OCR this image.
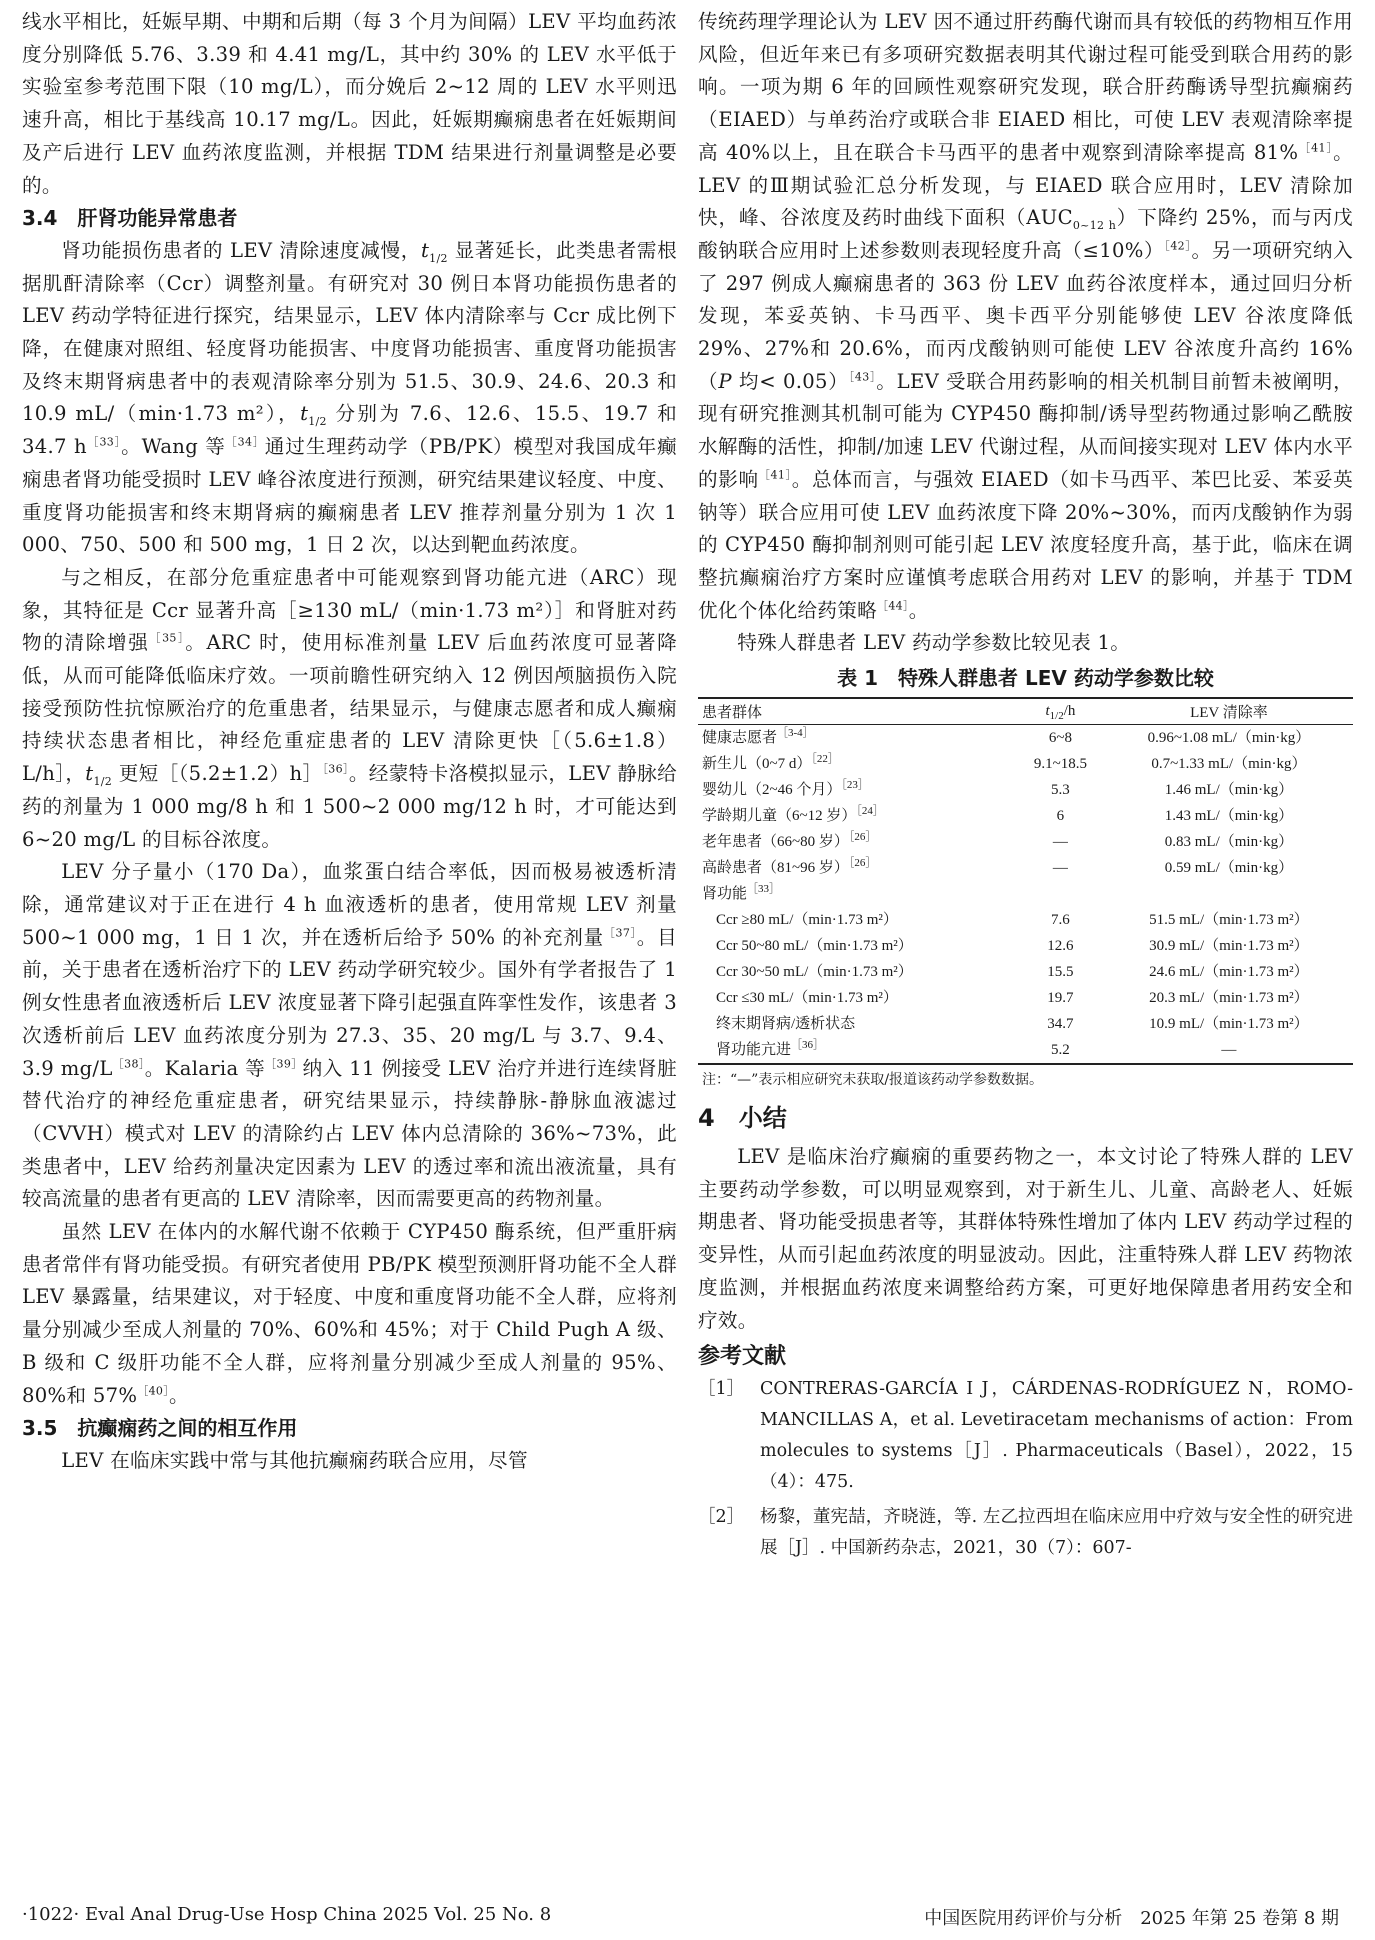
线水平相比，妊娠早期、中期和后期（每 3 个月为间隔）LEV 平均血药浓度分别降低 5.76、3.39 和 4.41 mg/L，其中约 30% 的 LEV 水平低于实验室参考范围下限（10 mg/L），而分娩后 2~12 周的 LEV 水平则迅速升高，相比于基线高 10.17 mg/L。因此，妊娠期癫痫患者在妊娠期间及产后进行 LEV 血药浓度监测，并根据 TDM 结果进行剂量调整是必要的。

3.4　肝肾功能异常患者

肾功能损伤患者的 LEV 清除速度减慢，$t_{1/2}$ 显著延长，此类患者需根据肌酐清除率（Ccr）调整剂量。有研究对 30 例日本肾功能损伤患者的 LEV 药动学特征进行探究，结果显示，LEV 体内清除率与 Ccr 成比例下降，在健康对照组、轻度肾功能损害、中度肾功能损害、重度肾功能损害及终末期肾病患者中的表观清除率分别为 51.5、30.9、24.6、20.3 和 10.9 mL/（min·1.73 m²），$t_{1/2}$ 分别为 7.6、12.6、15.5、19.7 和 34.7 $h^{[33]}$。Wang 等$^{[34]}$通过生理药动学（PB/PK）模型对我国成年癫痫患者肾功能受损时 LEV 峰谷浓度进行预测，研究结果建议轻度、中度、重度肾功能损害和终末期肾病的癫痫患者 LEV 推荐剂量分别为 1 次 1 000、750、500 和 500 mg，1 日 2 次，以达到靶血药浓度。

与之相反，在部分危重症患者中可能观察到肾功能亢进（ARC）现象，其特征是 Ccr 显著升高［≥130 mL/（min·1.73 m²）］和肾脏对药物的清除增强$^{[35]}$。ARC 时，使用标准剂量 LEV 后血药浓度可显著降低，从而可能降低临床疗效。一项前瞻性研究纳入 12 例因颅脑损伤入院接受预防性抗惊厥治疗的危重患者，结果显示，与健康志愿者和成人癫痫持续状态患者相比，神经危重症患者的 LEV 清除更快［（5.6±1.8）L/h］，$t_{1/2}$ 更短［（5.2±1.2）h］$^{[36]}$。经蒙特卡洛模拟显示，LEV 静脉给药的剂量为 1 000 mg/8 h 和 1 500~2 000 mg/12 h 时，才可能达到 6~20 mg/L 的目标谷浓度。

LEV 分子量小（170 Da），血浆蛋白结合率低，因而极易被透析清除，通常建议对于正在进行 4 h 血液透析的患者，使用常规 LEV 剂量 500~1 000 mg，1 日 1 次，并在透析后给予 50% 的补充剂量$^{[37]}$。目前，关于患者在透析治疗下的 LEV 药动学研究较少。国外有学者报告了 1 例女性患者血液透析后 LEV 浓度显著下降引起强直阵挛性发作，该患者 3 次透析前后 LEV 血药浓度分别为 27.3、35、20 mg/L 与 3.7、9.4、3.9 $mg/L^{[38]}$。Kalaria 等$^{[39]}$纳入 11 例接受 LEV 治疗并进行连续肾脏替代治疗的神经危重症患者，研究结果显示，持续静脉-静脉血液滤过（CVVH）模式对 LEV 的清除约占 LEV 体内总清除的 36%~73%，此类患者中，LEV 给药剂量决定因素为 LEV 的透过率和流出液流量，具有较高流量的患者有更高的 LEV 清除率，因而需要更高的药物剂量。

虽然 LEV 在体内的水解代谢不依赖于 CYP450 酶系统，但严重肝病患者常伴有肾功能受损。有研究者使用 PB/PK 模型预测肝肾功能不全人群 LEV 暴露量，结果建议，对于轻度、中度和重度肾功能不全人群，应将剂量分别减少至成人剂量的 70%、60%和 45%；对于 Child Pugh A 级、B 级和 C 级肝功能不全人群，应将剂量分别减少至成人剂量的 95%、80%和 57%$^{[40]}$。

3.5　抗癫痫药之间的相互作用

LEV 在临床实践中常与其他抗癫痫药联合应用，尽管

传统药理学理论认为 LEV 因不通过肝药酶代谢而具有较低的药物相互作用风险，但近年来已有多项研究数据表明其代谢过程可能受到联合用药的影响。一项为期 6 年的回顾性观察研究发现，联合肝药酶诱导型抗癫痫药（EIAED）与单药治疗或联合非 EIAED 相比，可使 LEV 表观清除率提高 40%以上，且在联合卡马西平的患者中观察到清除率提高 81%$^{[41]}$。LEV 的Ⅲ期试验汇总分析发现，与 EIAED 联合应用时，LEV 清除加快，峰、谷浓度及药时曲线下面积$(AUC_{0\sim 12 h})$下降约 25%，而与丙戊酸钠联合应用时上述参数则表现轻度升高（≤10%）$^{[42]}$。另一项研究纳入了 297 例成人癫痫患者的 363 份 LEV 血药谷浓度样本，通过回归分析发现，苯妥英钠、卡马西平、奥卡西平分别能够使 LEV 谷浓度降低 29%、27%和 20.6%，而丙戊酸钠则可能使 LEV 谷浓度升高约 16%（P 均< 0.05）$^{[43]}$。LEV 受联合用药影响的相关机制目前暂未被阐明，现有研究推测其机制可能为 CYP450 酶抑制/诱导型药物通过影响乙酰胺水解酶的活性，抑制/加速 LEV 代谢过程，从而间接实现对 LEV 体内水平的影响$^{[41]}$。总体而言，与强效 EIAED（如卡马西平、苯巴比妥、苯妥英钠等）联合应用可使 LEV 血药浓度下降 20%~30%，而丙戊酸钠作为弱的 CYP450 酶抑制剂则可能引起 LEV 浓度轻度升高，基于此，临床在调整抗癫痫治疗方案时应谨慎考虑联合用药对 LEV 的影响，并基于 TDM 优化个体化给药策略$^{[44]}$。

特殊人群患者 LEV 药动学参数比较见表 1。

表 1　特殊人群患者 LEV 药动学参数比较
患者群体	$t_{1/2}/h$	LEV 清除率
健康志愿者$^{[3-4]}$	6~8	0.96~1.08 mL/（min·kg）
新生儿（0~7 d）$^{[22]}$	9.1~18.5	0.7~1.33 mL/（min·kg）
婴幼儿（2~46 个月）$^{[23]}$	5.3	1.46 mL/（min·kg）
学龄期儿童（6~12 岁）$^{[24]}$	6	1.43 mL/（min·kg）
老年患者（66~80 岁）$^{[26]}$	—	0.83 mL/（min·kg）
高龄患者（81~96 岁）$^{[26]}$	—	0.59 mL/（min·kg）
肾功能$^{[33]}$		
Ccr ≥80 mL/（min·1.73 m²）	7.6	51.5 mL/（min·1.73 m²）
Ccr 50~80 mL/（min·1.73 m²）	12.6	30.9 mL/（min·1.73 m²）
Ccr 30~50 mL/（min·1.73 m²）	15.5	24.6 mL/（min·1.73 m²）
Ccr ≤30 mL/（min·1.73 m²）	19.7	20.3 mL/（min·1.73 m²）
终末期肾病/透析状态	34.7	10.9 mL/（min·1.73 m²）
肾功能亢进$^{[36]}$	5.2	—
注：“—”表示相应研究未获取/报道该药动学参数数据。

4　小结

LEV 是临床治疗癫痫的重要药物之一，本文讨论了特殊人群的 LEV 主要药动学参数，可以明显观察到，对于新生儿、儿童、高龄老人、妊娠期患者、肾功能受损患者等，其群体特殊性增加了体内 LEV 药动学过程的变异性，从而引起血药浓度的明显波动。因此，注重特殊人群 LEV 药物浓度监测，并根据血药浓度来调整给药方案，可更好地保障患者用药安全和疗效。

参考文献

［1］ CONTRERAS-GARCÍA I J，CÁRDENAS-RODRÍGUEZ N，ROMO-MANCILLAS A，et al. Levetiracetam mechanisms of action：From molecules to systems［J］. Pharmaceuticals（Basel），2022，15（4）：475.
［2］ 杨黎，董宪喆，齐晓涟，等. 左乙拉西坦在临床应用中疗效与安全性的研究进展［J］. 中国新药杂志，2021，30（7）：607-
·1022· Eval Anal Drug-Use Hosp China 2025 Vol. 25 No. 8	中国医院用药评价与分析　2025 年第 25 卷第 8 期
